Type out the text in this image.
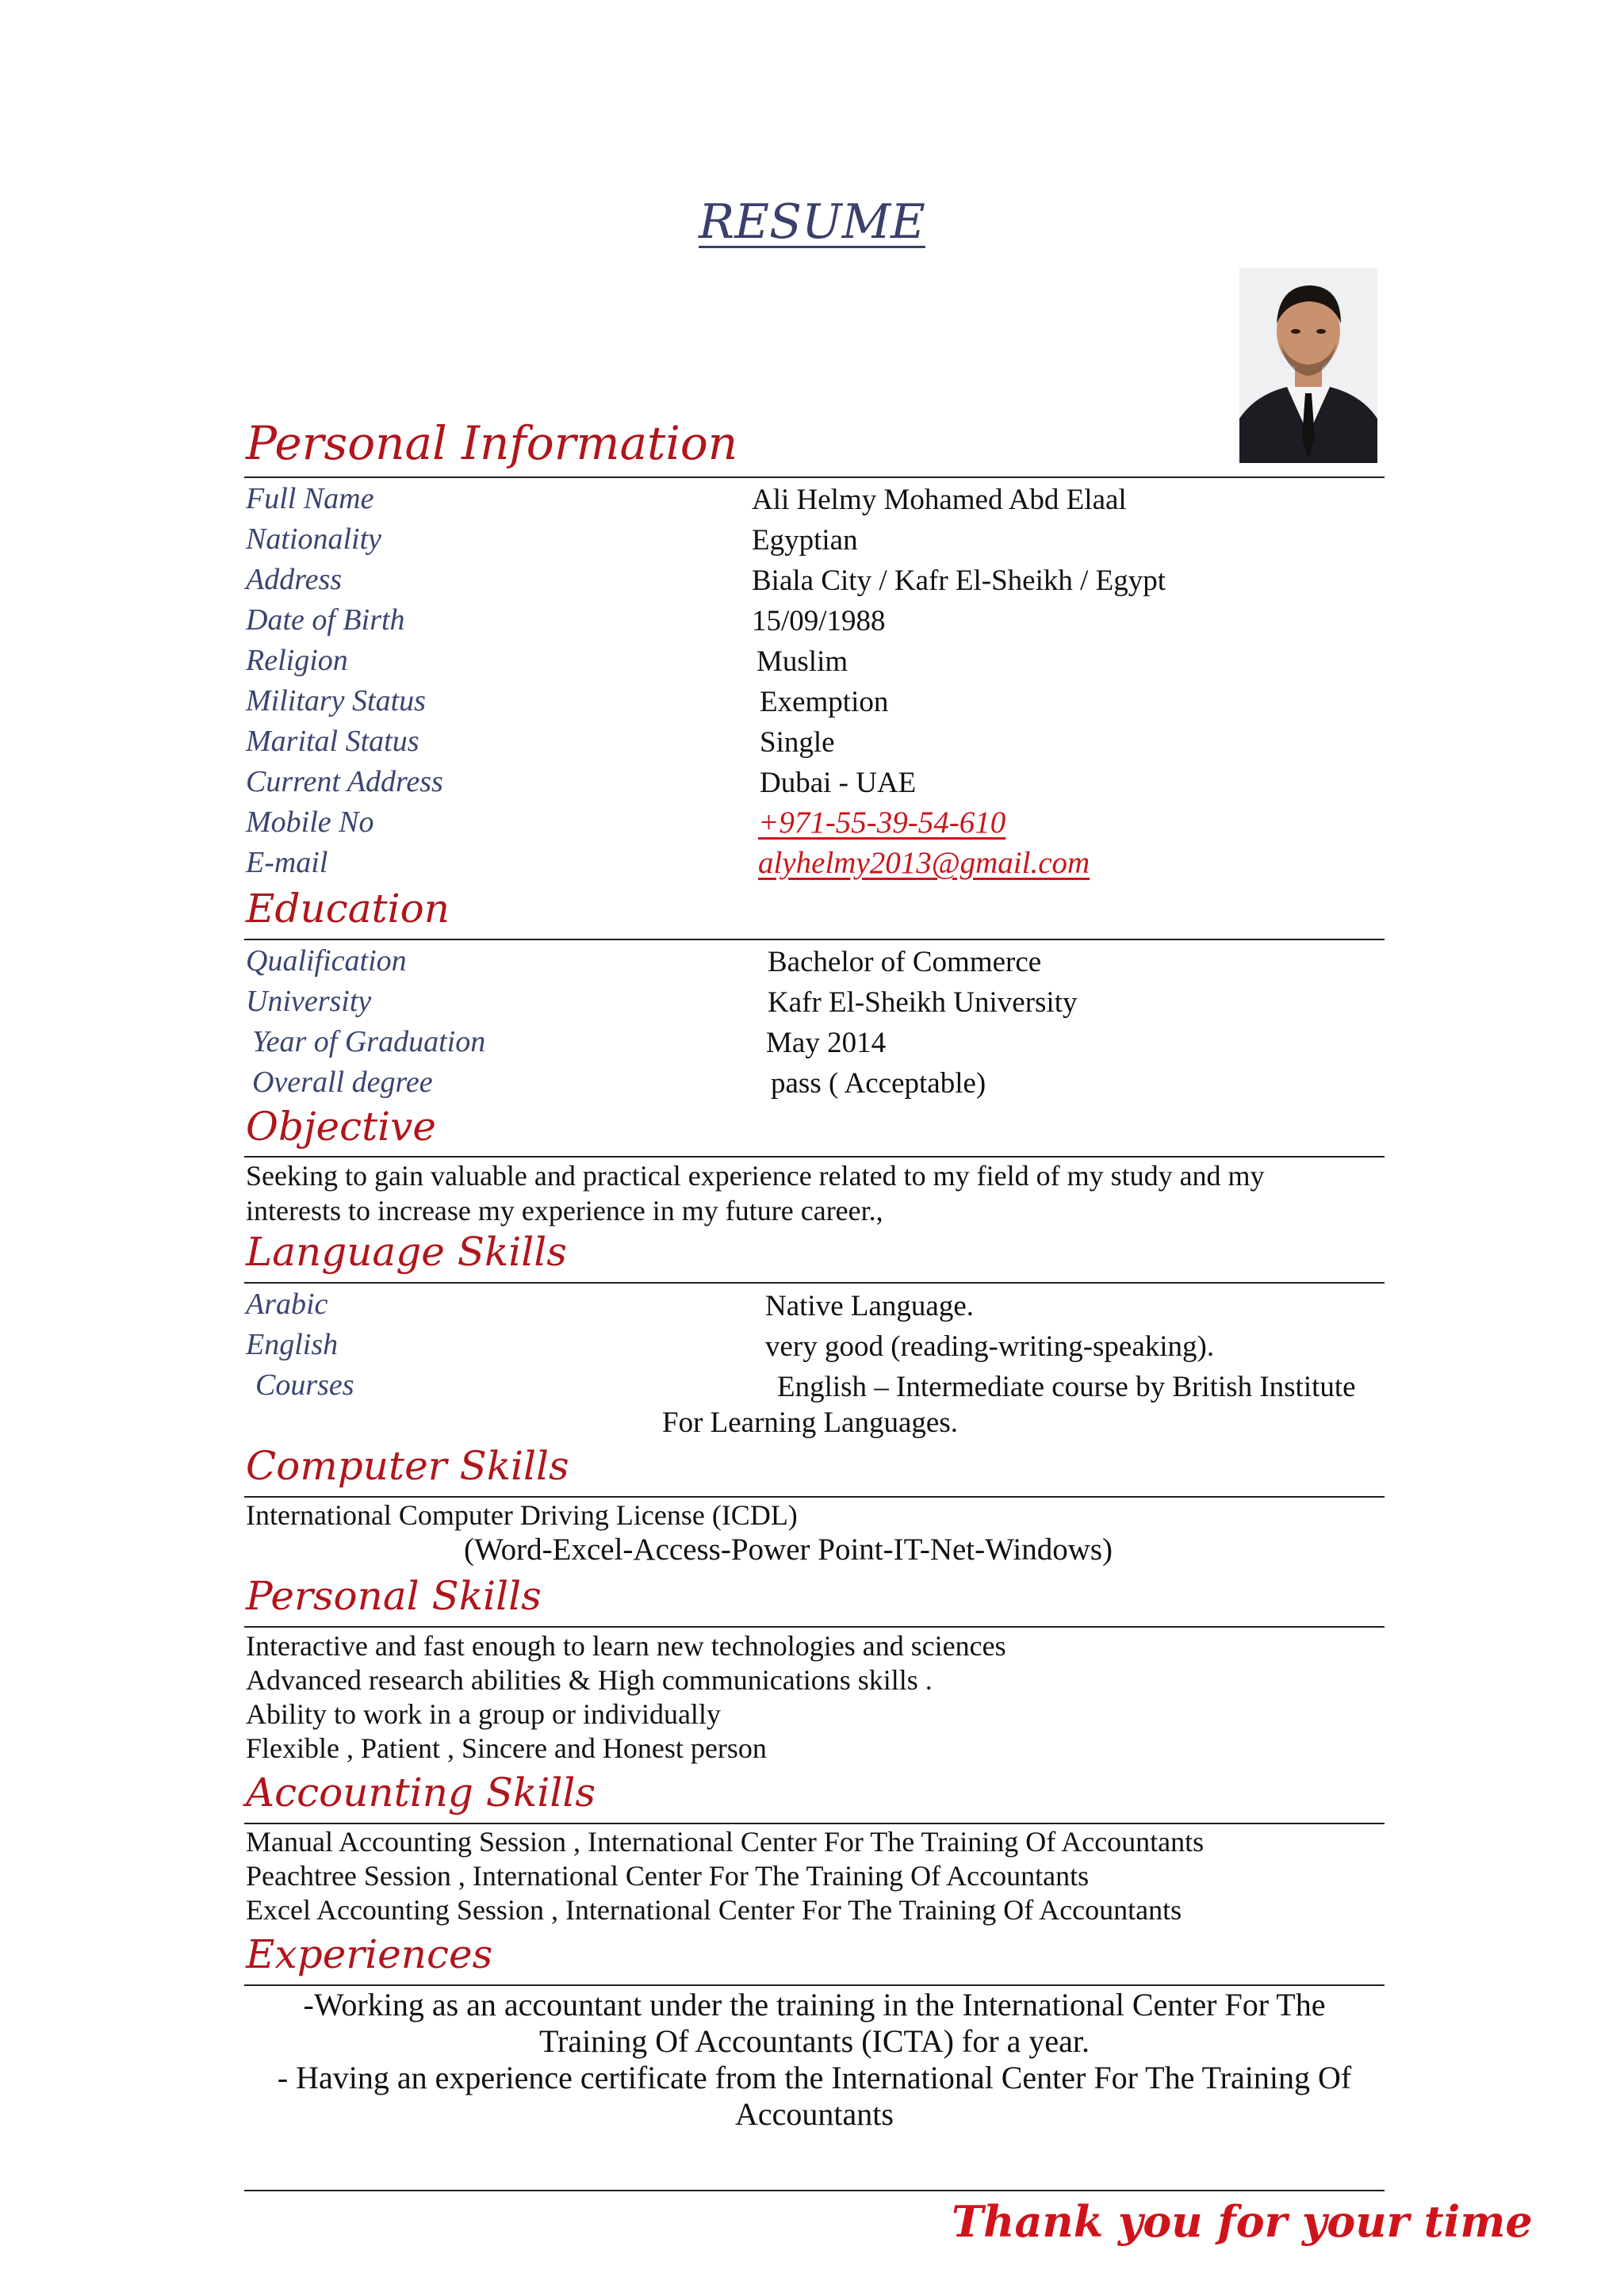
RESUME
Personal Information
Full Name	Ali Helmy Mohamed Abd Elaal
Nationality	Egyptian
Address	Biala City / Kafr El-Sheikh / Egypt
Date of Birth	15/09/1988
Religion	Muslim
Military Status	Exemption
Marital Status	Single
Current Address	Dubai - UAE
Mobile No	+971-55-39-54-610
E-mail	alyhelmy2013@gmail.com
Education
Qualification	Bachelor of Commerce
University	Kafr El-Sheikh University
Year of Graduation	May 2014
Overall degree	pass ( Acceptable)
Objective
Seeking to gain valuable and practical experience related to my field of my study and my
interests to increase my experience in my future career.,
Language Skills
Arabic	Native Language.
English	very good (reading-writing-speaking).
Courses	English – Intermediate course by British Institute
For Learning Languages.
Computer Skills
International Computer Driving License (ICDL)
(Word-Excel-Access-Power Point-IT-Net-Windows)
Personal Skills
Interactive and fast enough to learn new technologies and sciences
Advanced research abilities & High communications skills .
Ability to work in a group or individually
Flexible , Patient , Sincere and Honest person
Accounting Skills
Manual Accounting Session , International Center For The Training Of Accountants
Peachtree Session , International Center For The Training Of Accountants
Excel Accounting Session , International Center For The Training Of Accountants
Experiences
-Working as an accountant under the training in the International Center For The
Training Of Accountants (ICTA) for a year.
- Having an experience certificate from the International Center For The Training Of
Accountants
Thank you for your time
